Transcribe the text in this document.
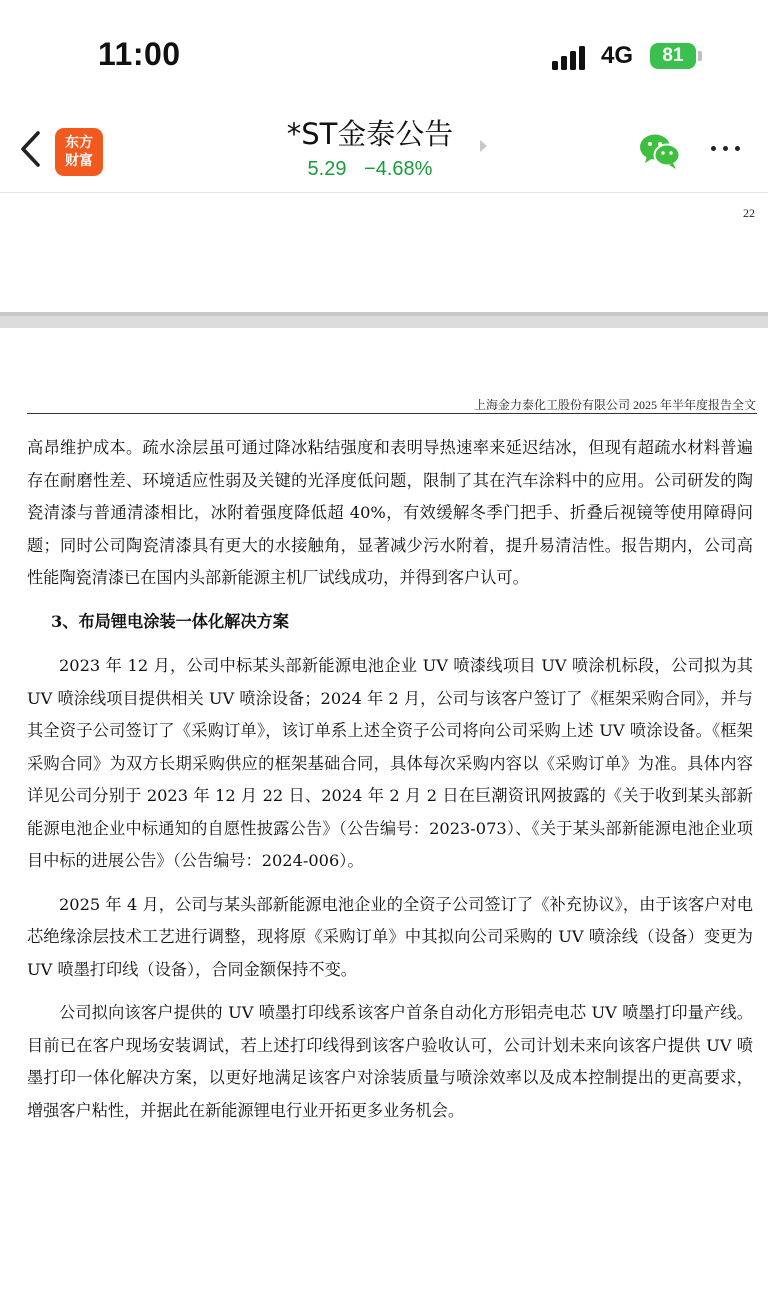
11:00	4G	81
东方
财富
*ST金泰公告
5.29 −4.68%
22
上海金力泰化工股份有限公司 2025 年半年度报告全文

高昂维护成本。疏水涂层虽可通过降冰粘结强度和表明导热速率来延迟结冰，但现有超疏水材料普遍存在耐磨性差、环境适应性弱及关键的光泽度低问题，限制了其在汽车涂料中的应用。公司研发的陶瓷清漆与普通清漆相比，冰附着强度降低超 40%，有效缓解冬季门把手、折叠后视镜等使用障碍问题；同时公司陶瓷清漆具有更大的水接触角，显著减少污水附着，提升易清洁性。报告期内，公司高性能陶瓷清漆已在国内头部新能源主机厂试线成功，并得到客户认可。

3、布局锂电涂装一体化解决方案

2023 年 12 月，公司中标某头部新能源电池企业 UV 喷漆线项目 UV 喷涂机标段，公司拟为其 UV 喷涂线项目提供相关 UV 喷涂设备；2024 年 2 月，公司与该客户签订了《框架采购合同》，并与其全资子公司签订了《采购订单》，该订单系上述全资子公司将向公司采购上述 UV 喷涂设备。《框架采购合同》为双方长期采购供应的框架基础合同，具体每次采购内容以《采购订单》为准。具体内容详见公司分别于 2023 年 12 月 22 日、2024 年 2 月 2 日在巨潮资讯网披露的《关于收到某头部新能源电池企业中标通知的自愿性披露公告》（公告编号：2023-073）、《关于某头部新能源电池企业项目中标的进展公告》（公告编号：2024-006）。

2025 年 4 月，公司与某头部新能源电池企业的全资子公司签订了《补充协议》，由于该客户对电芯绝缘涂层技术工艺进行调整，现将原《采购订单》中其拟向公司采购的 UV 喷涂线（设备）变更为 UV 喷墨打印线（设备），合同金额保持不变。

公司拟向该客户提供的 UV 喷墨打印线系该客户首条自动化方形铝壳电芯 UV 喷墨打印量产线。目前已在客户现场安装调试，若上述打印线得到该客户验收认可，公司计划未来向该客户提供 UV 喷墨打印一体化解决方案，以更好地满足该客户对涂装质量与喷涂效率以及成本控制提出的更高要求，增强客户粘性，并据此在新能源锂电行业开拓更多业务机会。
